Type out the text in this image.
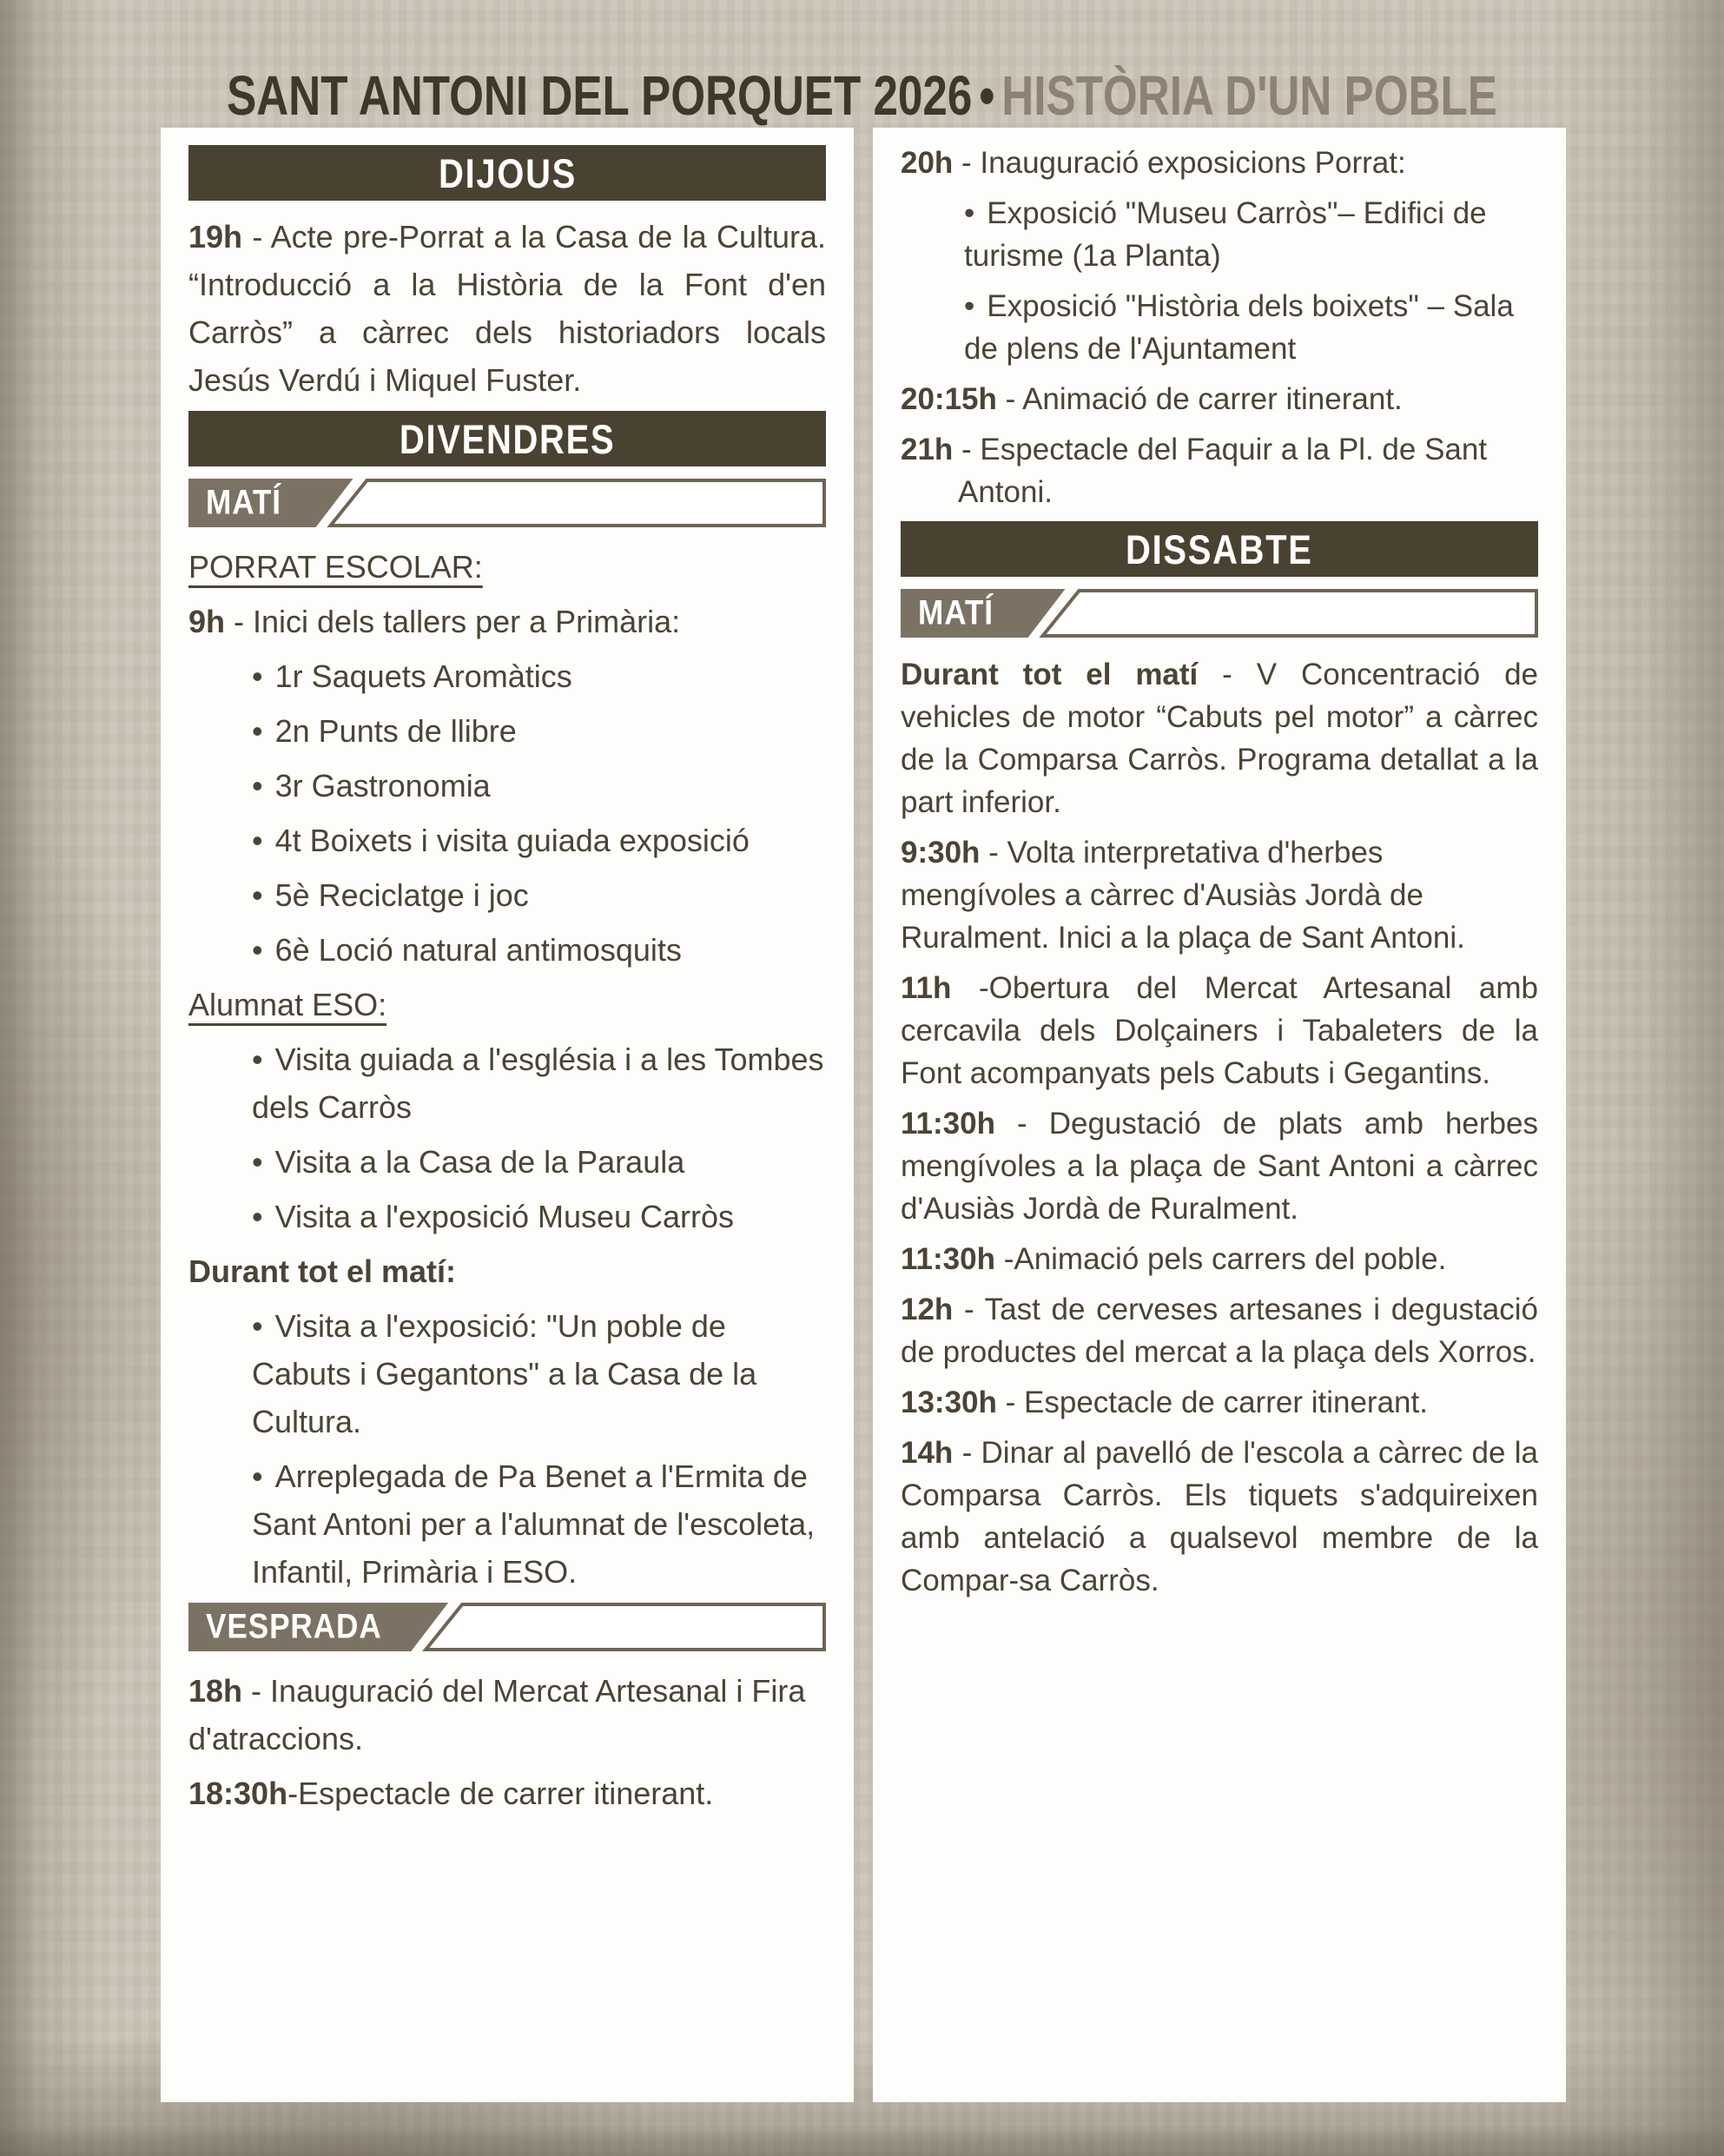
SANT ANTONI DEL PORQUET 2026 • HISTÒRIA D'UN POBLE
DIJOUS

19h - Acte pre-Porrat a la Casa de la Cultura. “Introducció a la Història de la Font d'en Carròs” a càrrec dels historiadors locals Jesús Verdú i Miquel Fuster.

DIVENDRES
MATÍ

PORRAT ESCOLAR:

9h - Inici dels tallers per a Primària:

• 1r Saquets Aromàtics

• 2n Punts de llibre

• 3r Gastronomia

• 4t Boixets i visita guiada exposició

• 5è Reciclatge i joc

• 6è Loció natural antimosquits

Alumnat ESO:

• Visita guiada a l'església i a les Tombes dels Carròs

• Visita a la Casa de la Paraula

• Visita a l'exposició Museu Carròs

Durant tot el matí:

• Visita a l'exposició: "Un poble de Cabuts i Gegantons" a la Casa de la Cultura.

• Arreplegada de Pa Benet a l'Ermita de Sant Antoni per a l'alumnat de l'escoleta, Infantil, Primària i ESO.

VESPRADA

18h - Inauguració del Mercat Artesanal i Fira d'atraccions.

18:30h-Espectacle de carrer itinerant.

20h - Inauguració exposicions Porrat:

• Exposició "Museu Carròs"– Edifici de turisme (1a Planta)

• Exposició "Història dels boixets" – Sala de plens de l'Ajuntament

20:15h - Animació de carrer itinerant.

21h - Espectacle del Faquir a la Pl. de Sant Antoni.

DISSABTE
MATÍ

Durant tot el matí - V Concentració de vehicles de motor “Cabuts pel motor” a càrrec de la Comparsa Carròs. Programa detallat a la part inferior.

9:30h - Volta interpretativa d'herbes mengívoles a càrrec d'Ausiàs Jordà de Ruralment. Inici a la plaça de Sant Antoni.

11h -Obertura del Mercat Artesanal amb cercavila dels Dolçainers i Tabaleters de la Font acompanyats pels Cabuts i Gegantins.

11:30h - Degustació de plats amb herbes mengívoles a la plaça de Sant Antoni a càrrec d'Ausiàs Jordà de Ruralment.

11:30h -Animació pels carrers del poble.

12h - Tast de cerveses artesanes i degustació de productes del mercat a la plaça dels Xorros.

13:30h - Espectacle de carrer itinerant.

14h - Dinar al pavelló de l'escola a càrrec de la Comparsa Carròs. Els tiquets s'adquireixen amb antelació a qualsevol membre de la Compar-sa Carròs.
